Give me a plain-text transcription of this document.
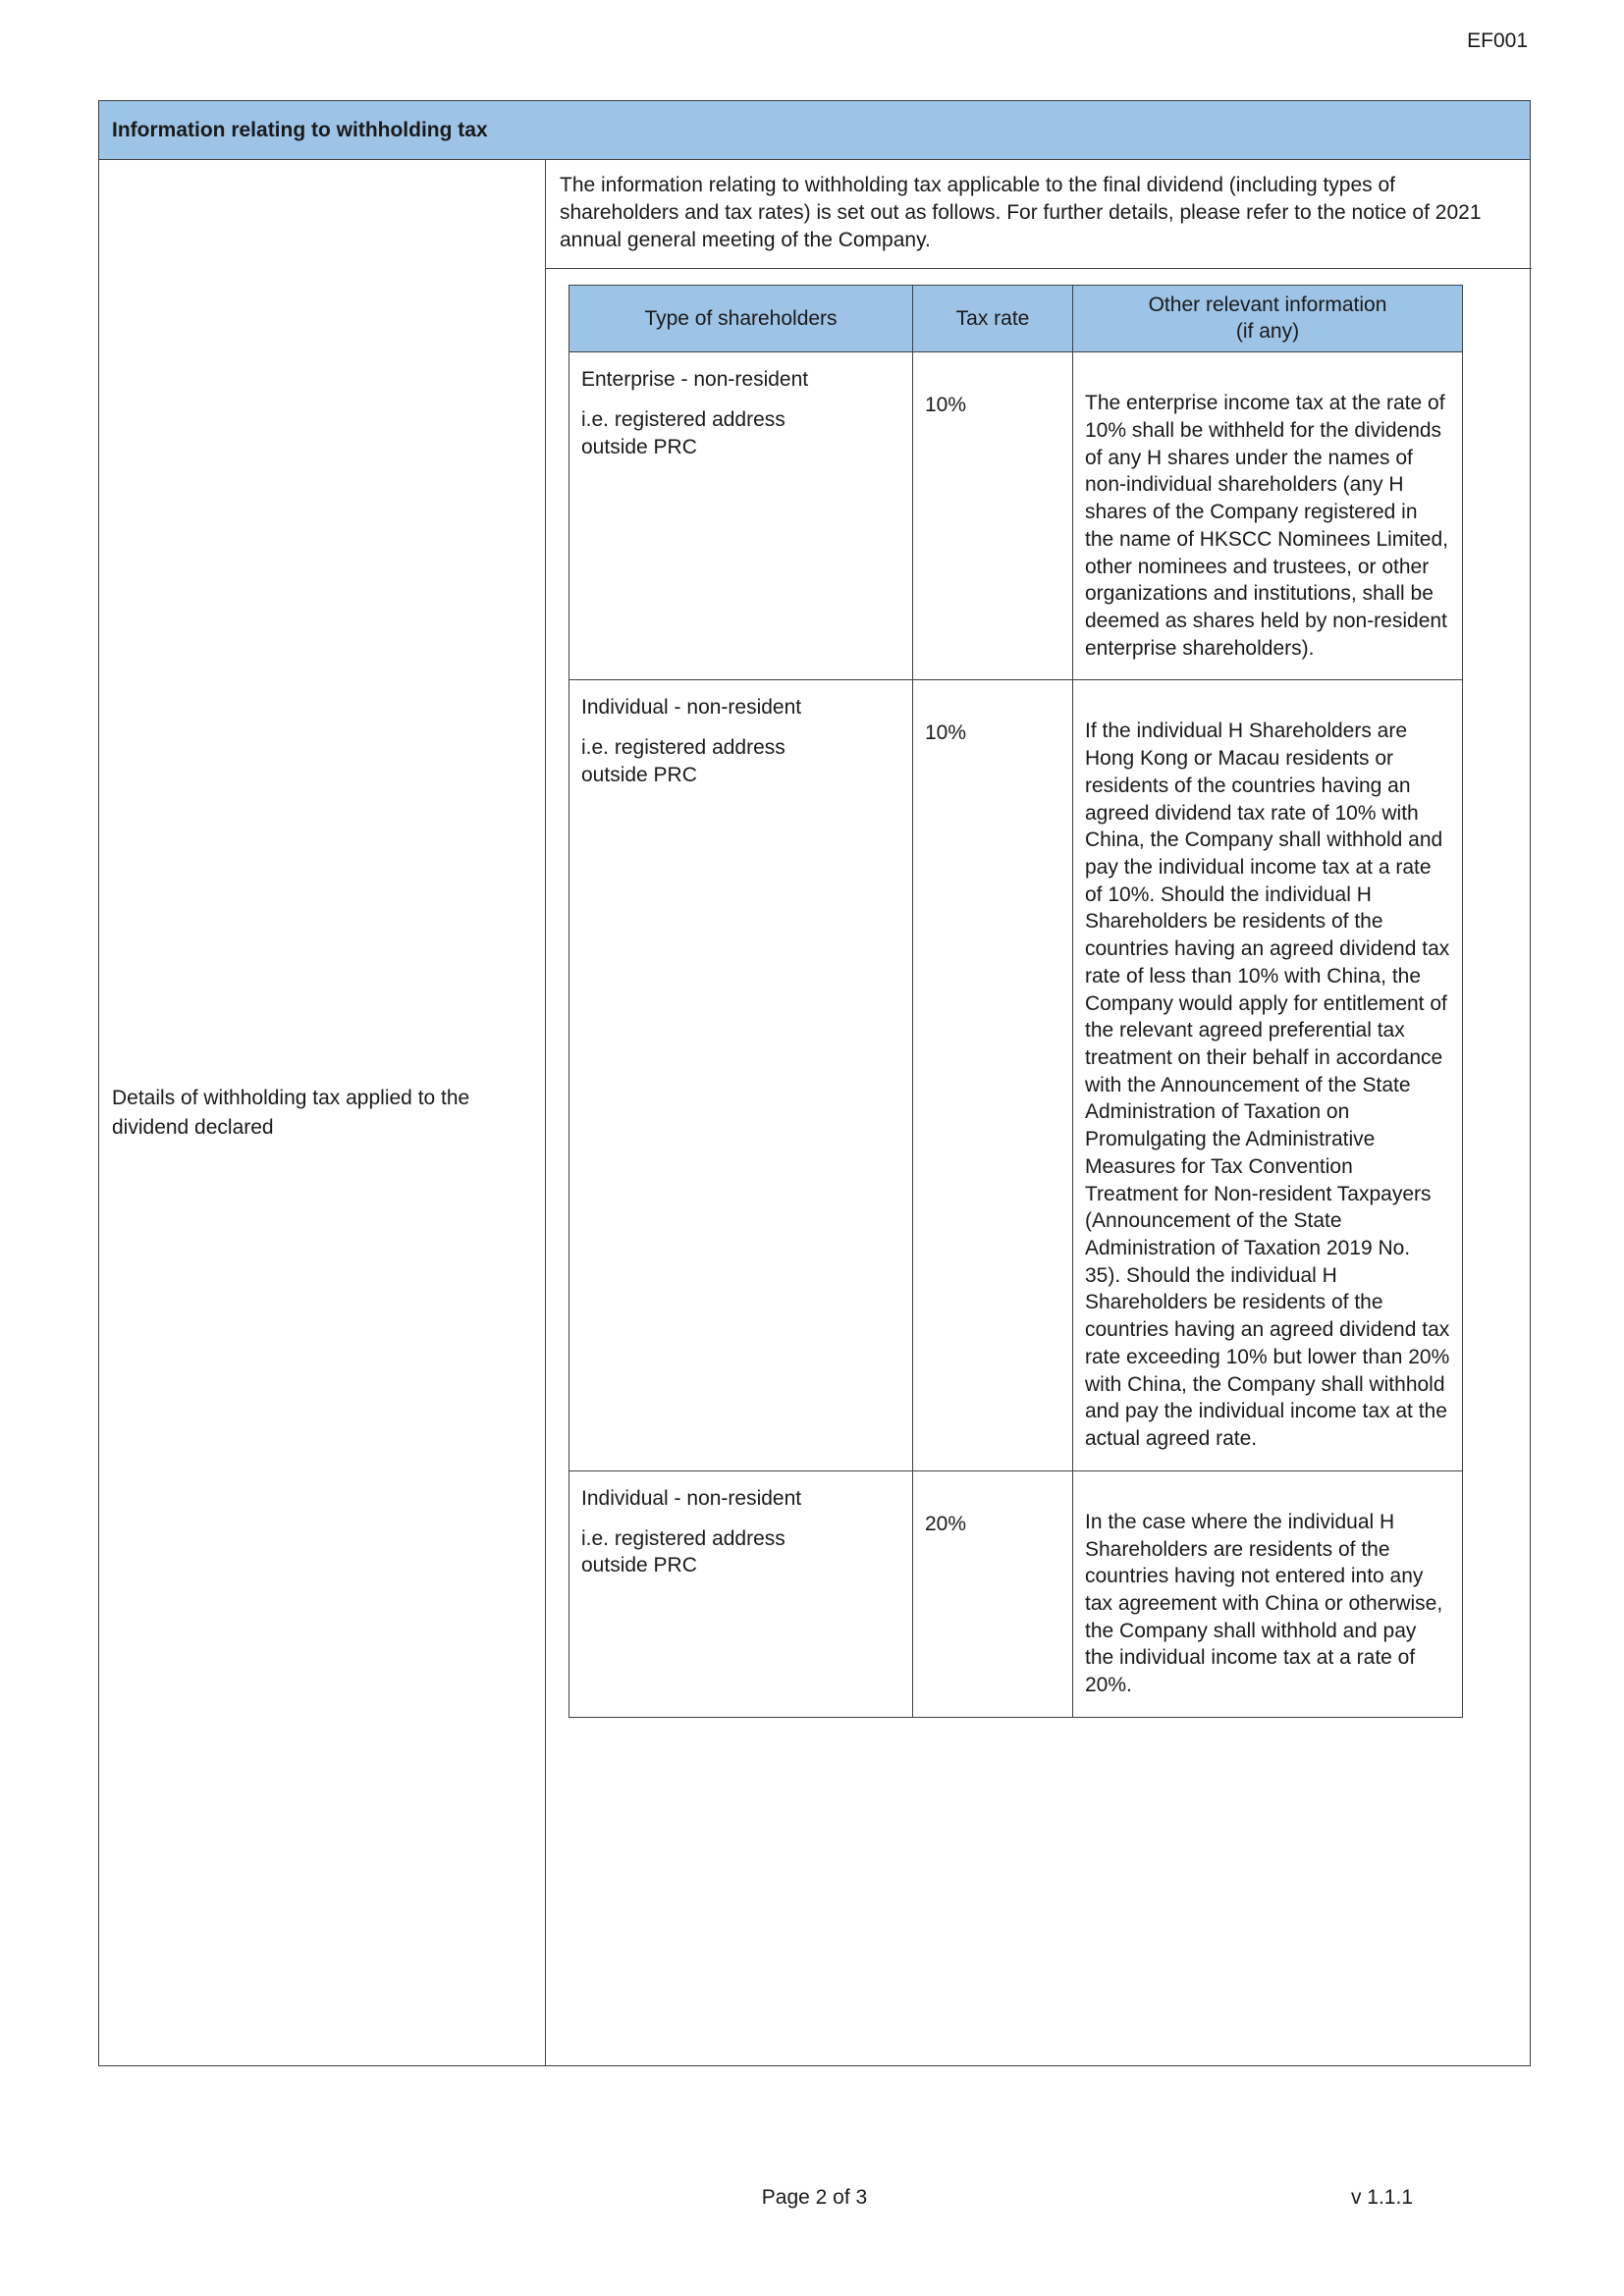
EF001
Information relating to withholding tax
Details of withholding tax applied to the dividend declared
The information relating to withholding tax applicable to the final dividend (including types of shareholders and tax rates) is set out as follows. For further details, please refer to the notice of 2021 annual general meeting of the Company.
Type of shareholders	Tax rate	Other relevant information
(if any)

Enterprise - non-resident
i.e. registered address outside PRC	10%	The enterprise income tax at the rate of 10% shall be withheld for the dividends of any H shares under the names of non-individual shareholders (any H shares of the Company registered in the name of HKSCC Nominees Limited, other nominees and trustees, or other organizations and institutions, shall be deemed as shares held by non-resident enterprise shareholders).

Individual - non-resident
i.e. registered address outside PRC	10%	If the individual H Shareholders are Hong Kong or Macau residents or residents of the countries having an agreed dividend tax rate of 10% with China, the Company shall withhold and pay the individual income tax at a rate of 10%. Should the individual H Shareholders be residents of the countries having an agreed dividend tax rate of less than 10% with China, the Company would apply for entitlement of the relevant agreed preferential tax treatment on their behalf in accordance with the Announcement of the State Administration of Taxation on Promulgating the Administrative Measures for Tax Convention Treatment for Non-resident Taxpayers (Announcement of the State Administration of Taxation 2019 No. 35). Should the individual H Shareholders be residents of the countries having an agreed dividend tax rate exceeding 10% but lower than 20% with China, the Company shall withhold and pay the individual income tax at the actual agreed rate.

Individual - non-resident
i.e. registered address outside PRC	20%	In the case where the individual H Shareholders are residents of the countries having not entered into any tax agreement with China or otherwise, the Company shall withhold and pay the individual income tax at a rate of 20%.
Page 2 of 3	v 1.1.1
